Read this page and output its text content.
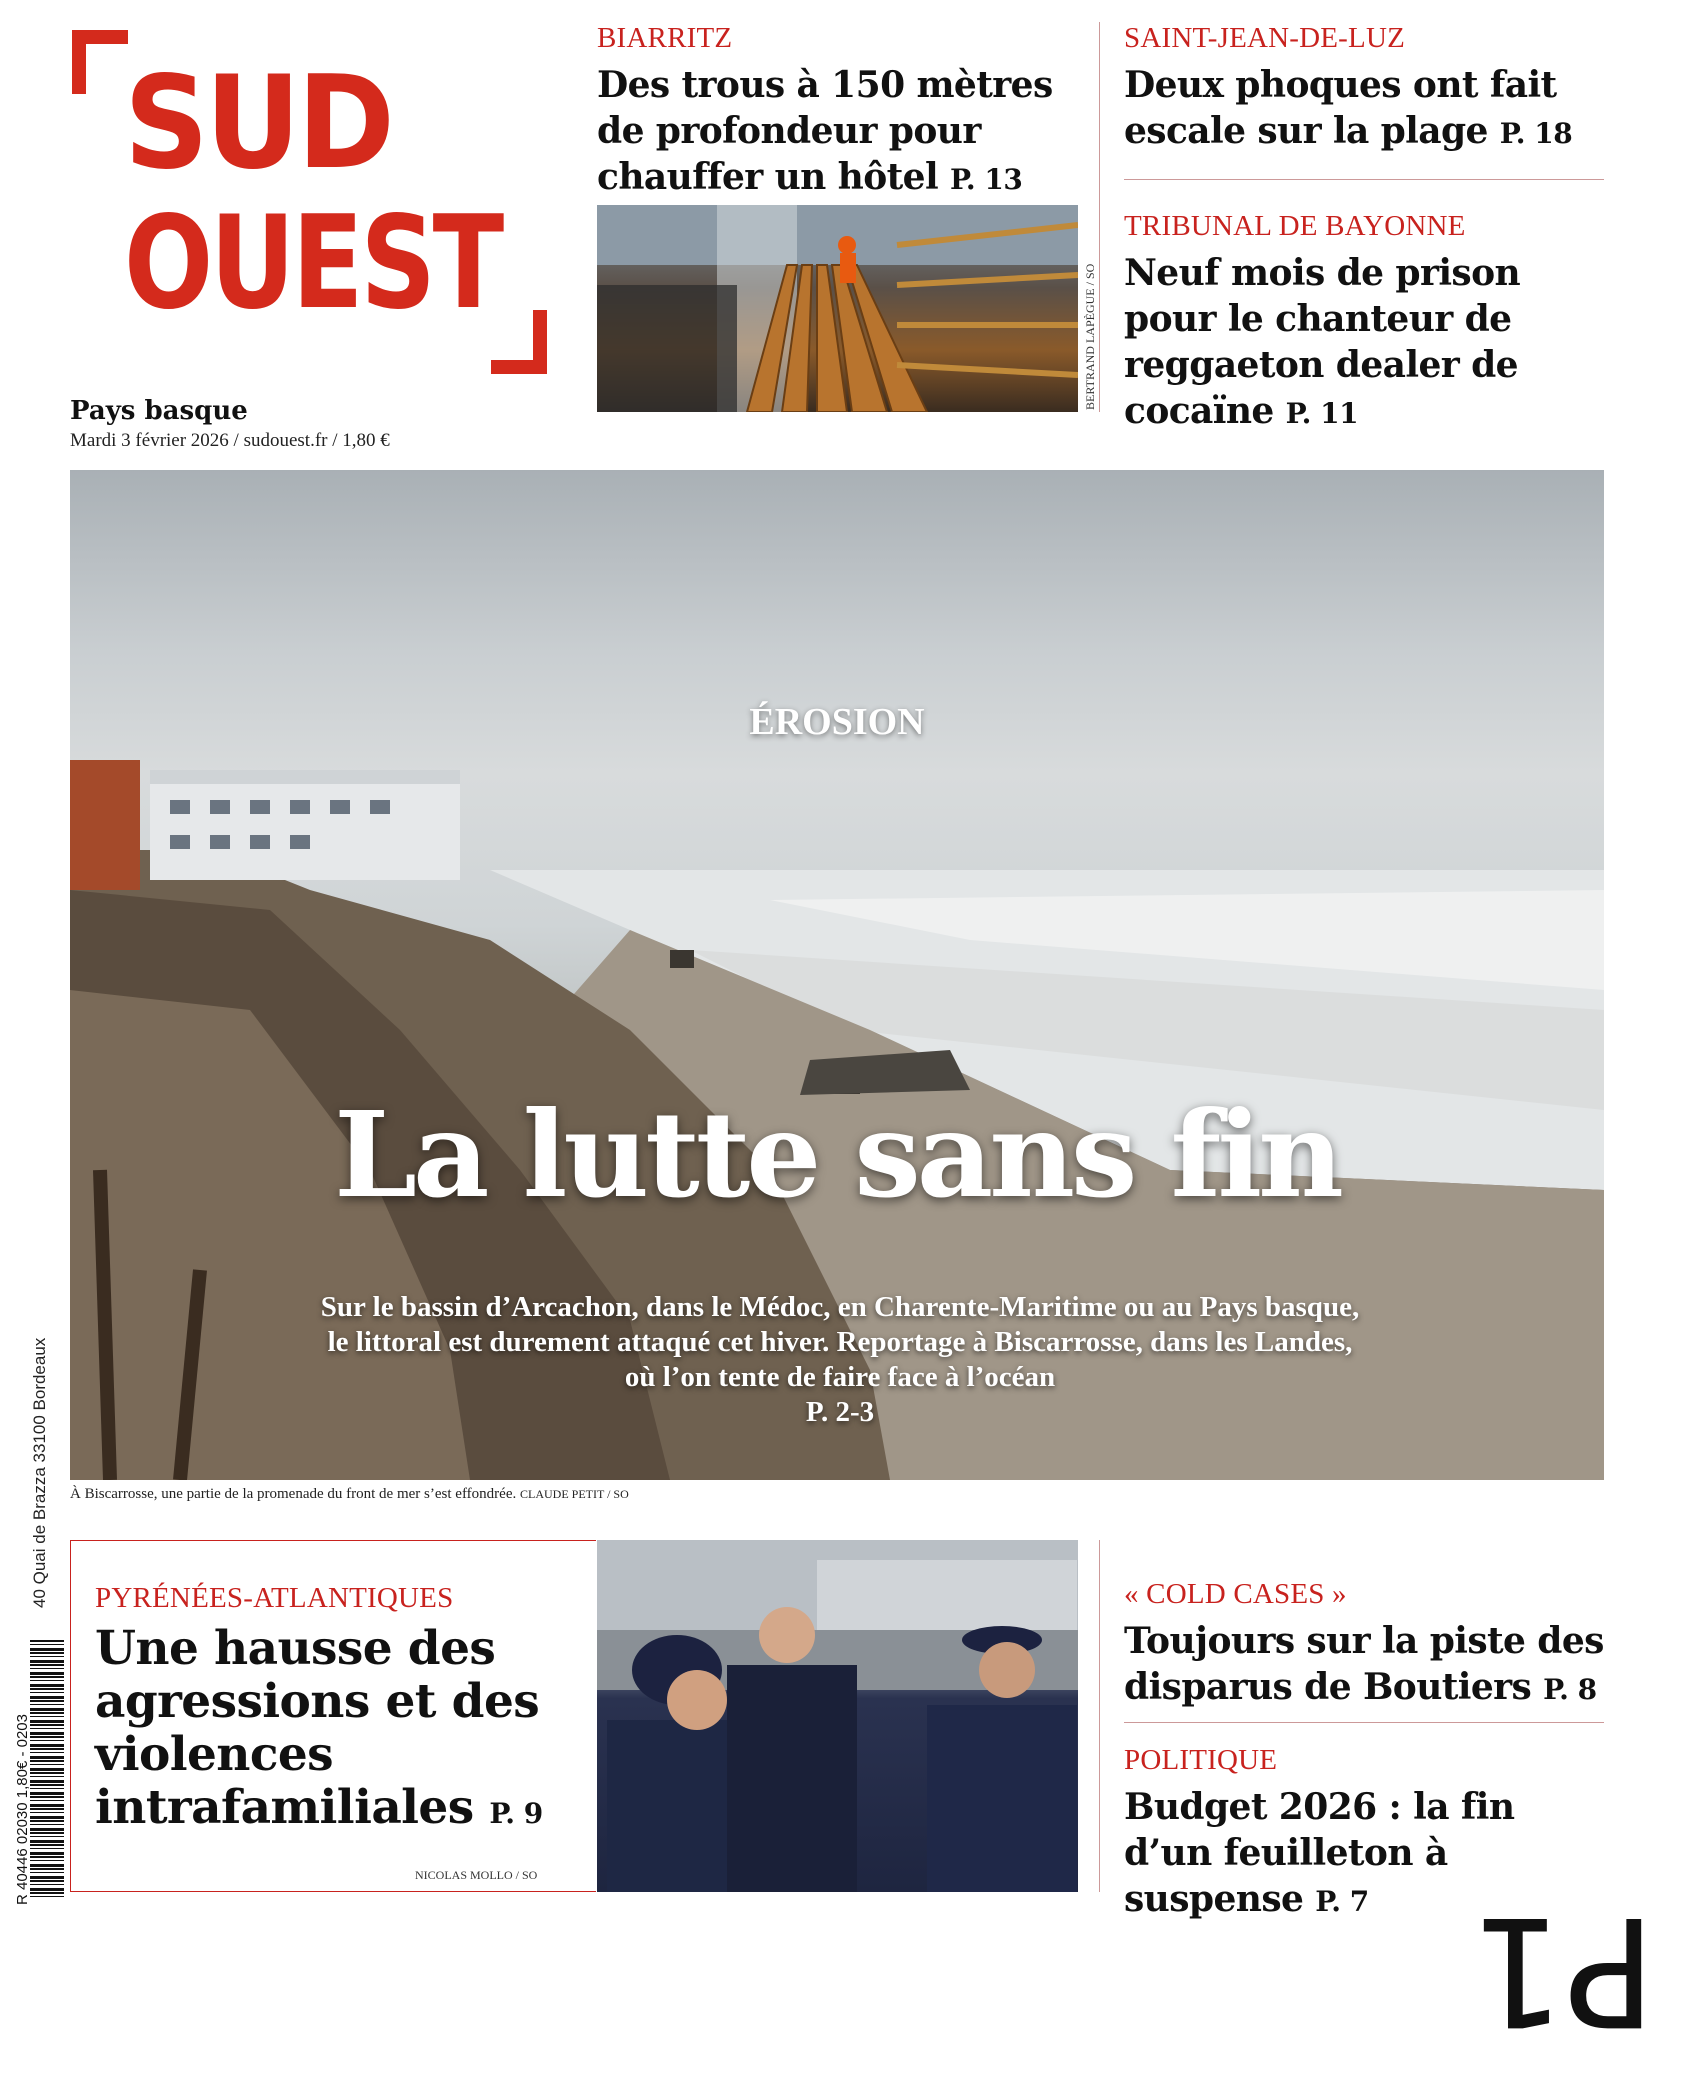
SUD
OUEST
Pays basque
Mardi 3 février 2026 / sudouest.fr / 1,80 €
BIARRITZ
Des trous à 150 mètres de profondeur pour chauffer un hôtel P. 13
BERTRAND LAPÈGUE / SO
SAINT-JEAN-DE-LUZ
Deux phoques ont fait escale sur la plage P. 18
TRIBUNAL DE BAYONNE
Neuf mois de prison pour le chanteur de reggaeton dealer de cocaïne P. 11
ÉROSION
La lutte sans fin
Sur le bassin d’Arcachon, dans le Médoc, en Charente-Maritime ou au Pays basque, le littoral est durement attaqué cet hiver. Reportage à Biscarrosse, dans les Landes, où l’on tente de faire face à l’océan
P. 2-3
À Biscarrosse, une partie de la promenade du front de mer s’est effondrée. CLAUDE PETIT / SO
PYRÉNÉES-ATLANTIQUES
Une hausse des agressions et des violences intrafamiliales P. 9
NICOLAS MOLLO / SO
« COLD CASES »
Toujours sur la piste des disparus de Boutiers P. 8
POLITIQUE
Budget 2026 : la fin d’un feuilleton à suspense P. 7
40 Quai de Brazza 33100 Bordeaux
R 40446 02030 1,80€ - 0203
Ρ1
